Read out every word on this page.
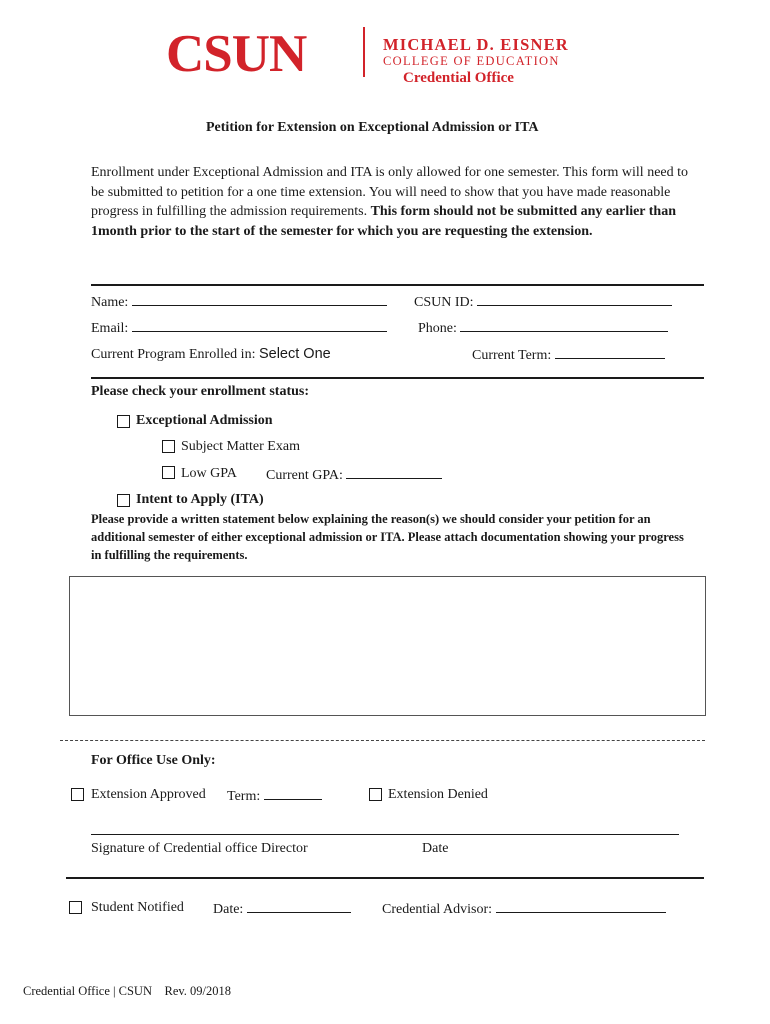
CSUN	MICHAEL D. EISNER
COLLEGE OF EDUCATION
Credential Office
Petition for Extension on Exceptional Admission or ITA
Enrollment under Exceptional Admission and ITA is only allowed for one semester. This form will need to be submitted to petition for a one time extension. You will need to show that you have made reasonable progress in fulfilling the admission requirements. This form should not be submitted any earlier than 1month prior to the start of the semester for which you are requesting the extension.
Name:	CSUN ID:
Email:	Phone:
Current Program Enrolled in: Select One	Current Term:
Please check your enrollment status:
Exceptional Admission
Subject Matter Exam
Low GPA Current GPA:
Intent to Apply (ITA)
Please provide a written statement below explaining the reason(s) we should consider your petition for an additional semester of either exceptional admission or ITA. Please attach documentation showing your progress in fulfilling the requirements.
For Office Use Only:
Extension Approved Term:	Extension Denied
Signature of Credential office Director	Date
Student Notified Date:	Credential Advisor:
Credential Office | CSUN    Rev. 09/2018
